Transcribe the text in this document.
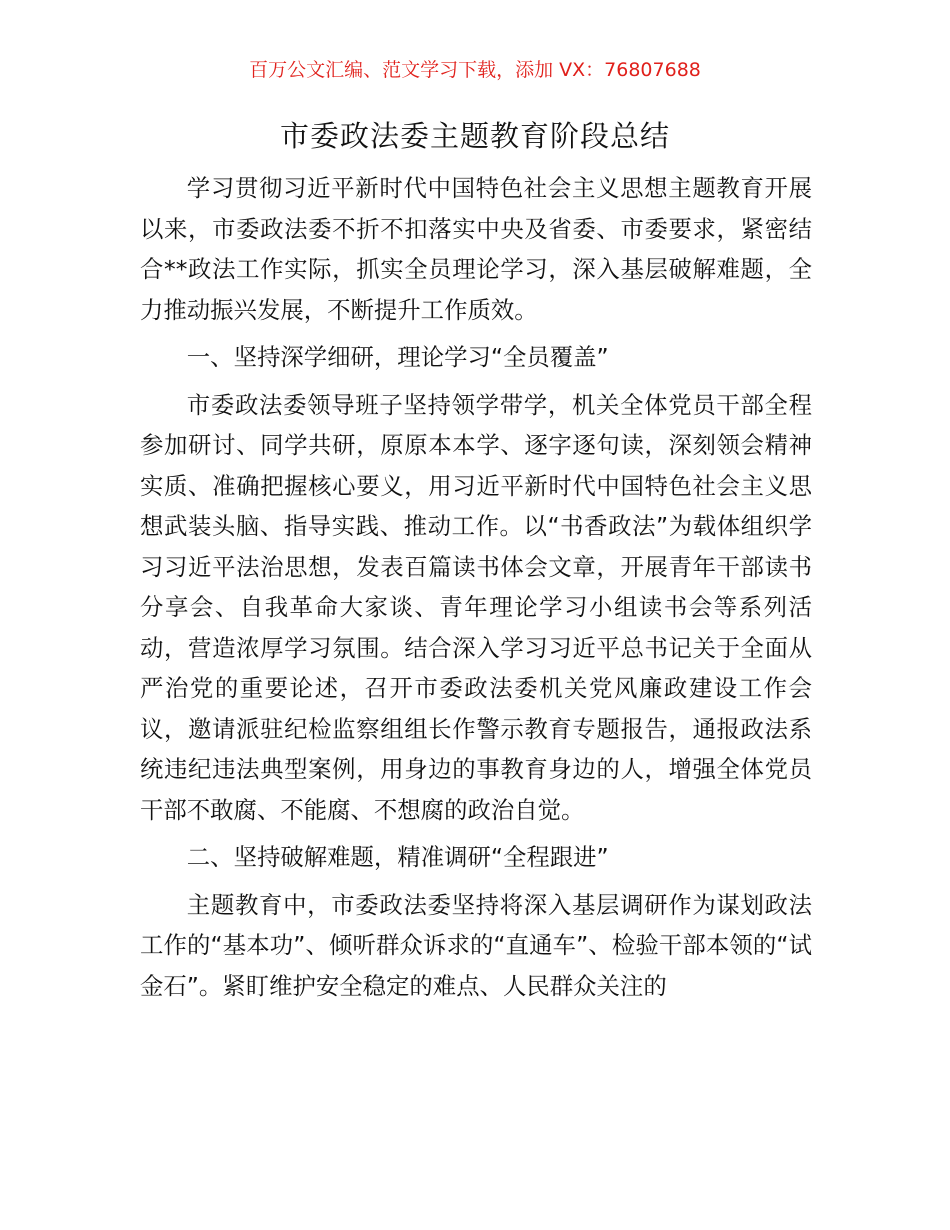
百万公文汇编、范文学习下载，添加 VX：76807688
市委政法委主题教育阶段总结

学习贯彻习近平新时代中国特色社会主义思想主题教育开展以来，市委政法委不折不扣落实中央及省委、市委要求，紧密结合**政法工作实际，抓实全员理论学习，深入基层破解难题，全力推动振兴发展，不断提升工作质效。

一、坚持深学细研，理论学习“全员覆盖”

市委政法委领导班子坚持领学带学，机关全体党员干部全程参加研讨、同学共研，原原本本学、逐字逐句读，深刻领会精神实质、准确把握核心要义，用习近平新时代中国特色社会主义思想武装头脑、指导实践、推动工作。以“书香政法”为载体组织学习习近平法治思想，发表百篇读书体会文章，开展青年干部读书分享会、自我革命大家谈、青年理论学习小组读书会等系列活动，营造浓厚学习氛围。结合深入学习习近平总书记关于全面从严治党的重要论述，召开市委政法委机关党风廉政建设工作会议，邀请派驻纪检监察组组长作警示教育专题报告，通报政法系统违纪违法典型案例，用身边的事教育身边的人，增强全体党员干部不敢腐、不能腐、不想腐的政治自觉。

二、坚持破解难题，精准调研“全程跟进”

主题教育中，市委政法委坚持将深入基层调研作为谋划政法工作的“基本功”、倾听群众诉求的“直通车”、检验干部本领的“试金石”。紧盯维护安全稳定的难点、人民群众关注的
